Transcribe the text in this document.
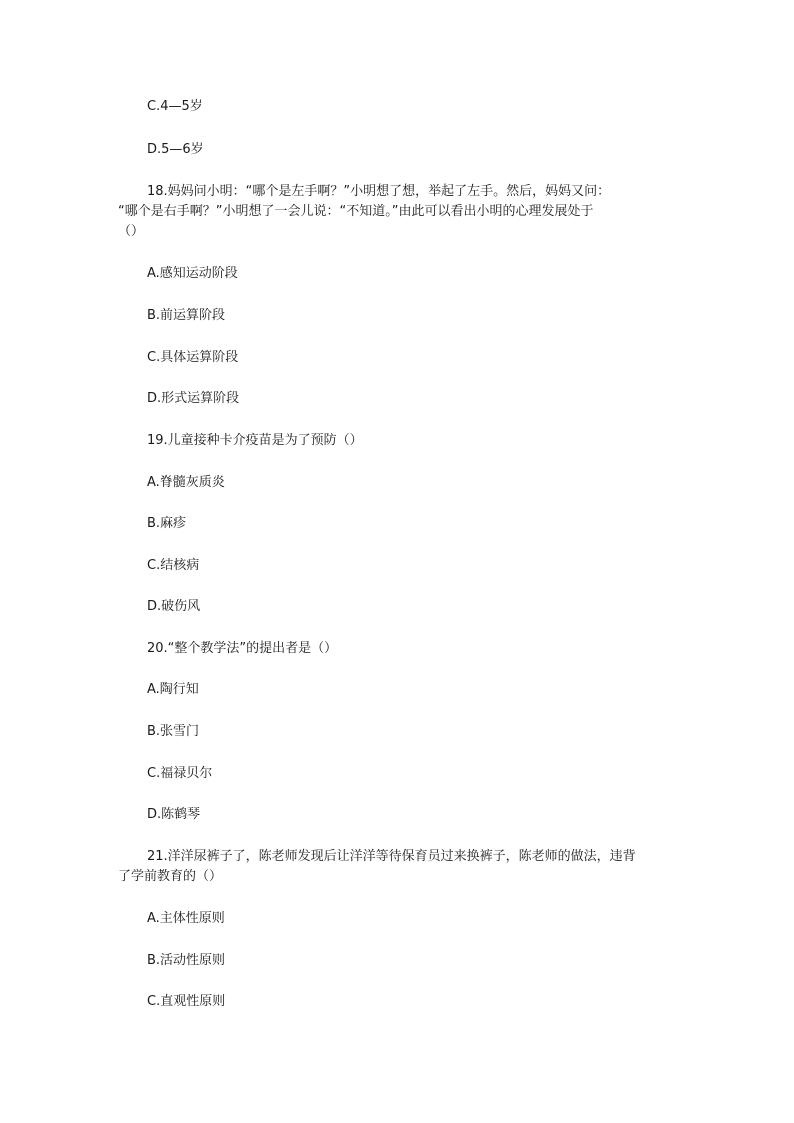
C.4—5岁
D.5—6岁
18.妈妈问小明：“哪个是左手啊？”小明想了想，举起了左手。然后，妈妈又问：
“哪个是右手啊？”小明想了一会儿说：“不知道。”由此可以看出小明的心理发展处于
（）
A.感知运动阶段
B.前运算阶段
C.具体运算阶段
D.形式运算阶段
19.儿童接种卡介疫苗是为了预防（）
A.脊髓灰质炎
B.麻疹
C.结核病
D.破伤风
20.“整个教学法”的提出者是（）
A.陶行知
B.张雪门
C.福禄贝尔
D.陈鹤琴
21.洋洋尿裤子了，陈老师发现后让洋洋等待保育员过来换裤子，陈老师的做法，违背
了学前教育的（）
A.主体性原则
B.活动性原则
C.直观性原则
